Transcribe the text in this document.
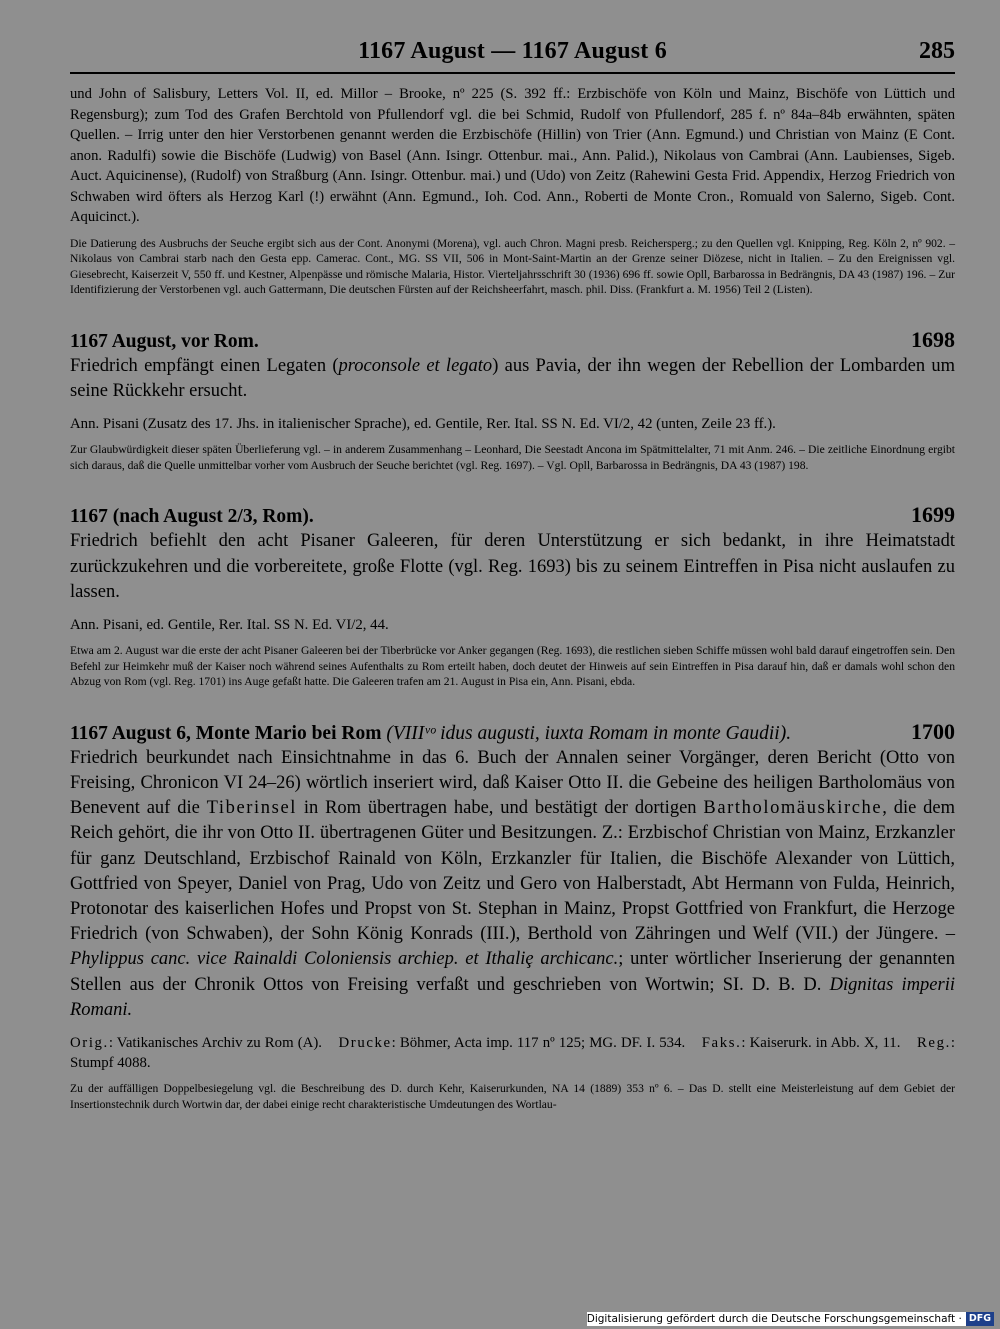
1167 August — 1167 August 6	285

und John of Salisbury, Letters Vol. II, ed. Millor – Brooke, nº 225 (S. 392 ff.: Erzbischöfe von Köln und Mainz, Bischöfe von Lüttich und Regensburg); zum Tod des Grafen Berchtold von Pfullendorf vgl. die bei Schmid, Rudolf von Pfullendorf, 285 f. nº 84a–84b erwähnten, späten Quellen. – Irrig unter den hier Verstorbenen genannt werden die Erzbischöfe (Hillin) von Trier (Ann. Egmund.) und Christian von Mainz (E Cont. anon. Radulfi) sowie die Bischöfe (Ludwig) von Basel (Ann. Isingr. Ottenbur. mai., Ann. Palid.), Nikolaus von Cambrai (Ann. Laubienses, Sigeb. Auct. Aquicinense), (Rudolf) von Straßburg (Ann. Isingr. Ottenbur. mai.) und (Udo) von Zeitz (Rahewini Gesta Frid. Appendix, Herzog Friedrich von Schwaben wird öfters als Herzog Karl (!) erwähnt (Ann. Egmund., Ioh. Cod. Ann., Roberti de Monte Cron., Romuald von Salerno, Sigeb. Cont. Aquicinct.).

Die Datierung des Ausbruchs der Seuche ergibt sich aus der Cont. Anonymi (Morena), vgl. auch Chron. Magni presb. Reichersperg.; zu den Quellen vgl. Knipping, Reg. Köln 2, nº 902. – Nikolaus von Cambrai starb nach den Gesta epp. Camerac. Cont., MG. SS VII, 506 in Mont-Saint-Martin an der Grenze seiner Diözese, nicht in Italien. – Zu den Ereignissen vgl. Giesebrecht, Kaiserzeit V, 550 ff. und Kestner, Alpenpässe und römische Malaria, Histor. Vierteljahrsschrift 30 (1936) 696 ff. sowie Opll, Barbarossa in Bedrängnis, DA 43 (1987) 196. – Zur Identifizierung der Verstorbenen vgl. auch Gattermann, Die deutschen Fürsten auf der Reichsheerfahrt, masch. phil. Diss. (Frankfurt a. M. 1956) Teil 2 (Listen).

1167 August, vor Rom.	1698

Friedrich empfängt einen Legaten (proconsole et legato) aus Pavia, der ihn wegen der Rebellion der Lombarden um seine Rückkehr ersucht.

Ann. Pisani (Zusatz des 17. Jhs. in italienischer Sprache), ed. Gentile, Rer. Ital. SS N. Ed. VI/2, 42 (unten, Zeile 23 ff.).

Zur Glaubwürdigkeit dieser späten Überlieferung vgl. – in anderem Zusammenhang – Leonhard, Die Seestadt Ancona im Spätmittelalter, 71 mit Anm. 246. – Die zeitliche Einordnung ergibt sich daraus, daß die Quelle unmittelbar vorher vom Ausbruch der Seuche berichtet (vgl. Reg. 1697). – Vgl. Opll, Barbarossa in Bedrängnis, DA 43 (1987) 198.

1167 (nach August 2/3, Rom).	1699

Friedrich befiehlt den acht Pisaner Galeeren, für deren Unterstützung er sich bedankt, in ihre Heimatstadt zurückzukehren und die vorbereitete, große Flotte (vgl. Reg. 1693) bis zu seinem Eintreffen in Pisa nicht auslaufen zu lassen.

Ann. Pisani, ed. Gentile, Rer. Ital. SS N. Ed. VI/2, 44.

Etwa am 2. August war die erste der acht Pisaner Galeeren bei der Tiberbrücke vor Anker gegangen (Reg. 1693), die restlichen sieben Schiffe müssen wohl bald darauf eingetroffen sein. Den Befehl zur Heimkehr muß der Kaiser noch während seines Aufenthalts zu Rom erteilt haben, doch deutet der Hinweis auf sein Eintreffen in Pisa darauf hin, daß er damals wohl schon den Abzug von Rom (vgl. Reg. 1701) ins Auge gefaßt hatte. Die Galeeren trafen am 21. August in Pisa ein, Ann. Pisani, ebda.

1167 August 6, Monte Mario bei Rom (VIIIᵛᵒ idus augusti, iuxta Romam in monte Gaudii).	1700

Friedrich beurkundet nach Einsichtnahme in das 6. Buch der Annalen seiner Vorgänger, deren Bericht (Otto von Freising, Chronicon VI 24–26) wörtlich inseriert wird, daß Kaiser Otto II. die Gebeine des heiligen Bartholomäus von Benevent auf die Tiberinsel in Rom übertragen habe, und bestätigt der dortigen Bartholomäuskirche, die dem Reich gehört, die ihr von Otto II. übertragenen Güter und Besitzungen. Z.: Erzbischof Christian von Mainz, Erzkanzler für ganz Deutschland, Erzbischof Rainald von Köln, Erzkanzler für Italien, die Bischöfe Alexander von Lüttich, Gottfried von Speyer, Daniel von Prag, Udo von Zeitz und Gero von Halberstadt, Abt Hermann von Fulda, Heinrich, Protonotar des kaiserlichen Hofes und Propst von St. Stephan in Mainz, Propst Gottfried von Frankfurt, die Herzoge Friedrich (von Schwaben), der Sohn König Konrads (III.), Berthold von Zähringen und Welf (VII.) der Jüngere. – Phylippus canc. vice Rainaldi Coloniensis archiep. et Ithaliȩ archicanc.; unter wörtlicher Inserierung der genannten Stellen aus der Chronik Ottos von Freising verfaßt und geschrieben von Wortwin; SI. D. B. D. Dignitas imperii Romani.

Orig.: Vatikanisches Archiv zu Rom (A). Drucke: Böhmer, Acta imp. 117 nº 125; MG. DF. I. 534. Faks.: Kaiserurk. in Abb. X, 11. Reg.: Stumpf 4088.

Zu der auffälligen Doppelbesiegelung vgl. die Beschreibung des D. durch Kehr, Kaiserurkunden, NA 14 (1889) 353 nº 6. – Das D. stellt eine Meisterleistung auf dem Gebiet der Insertionstechnik durch Wortwin dar, der dabei einige recht charakteristische Umdeutungen des Wortlau-

Digitalisierung gefördert durch die Deutsche Forschungsgemeinschaft · DFG
